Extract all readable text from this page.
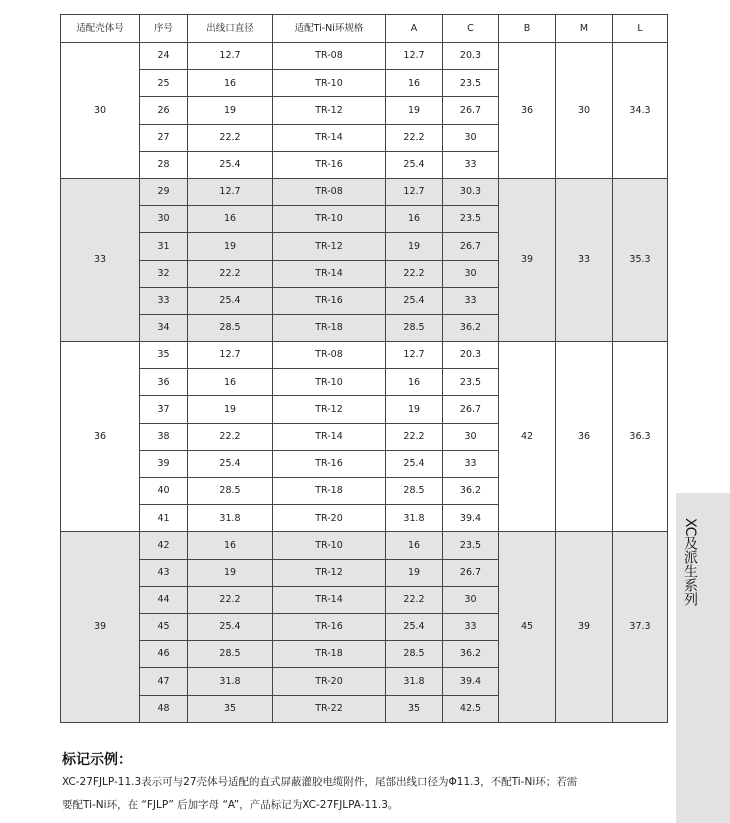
适配壳体号	序号	出线口直径	适配Ti-Ni环规格	A	C	B	M	L
30	24	12.7	TR-08	12.7	20.3	36	30	34.3
	25	16	TR-10	16	23.5			
	26	19	TR-12	19	26.7			
	27	22.2	TR-14	22.2	30			
	28	25.4	TR-16	25.4	33			
33	29	12.7	TR-08	12.7	30.3	39	33	35.3
	30	16	TR-10	16	23.5			
	31	19	TR-12	19	26.7			
	32	22.2	TR-14	22.2	30			
	33	25.4	TR-16	25.4	33			
	34	28.5	TR-18	28.5	36.2			
36	35	12.7	TR-08	12.7	20.3	42	36	36.3
	36	16	TR-10	16	23.5			
	37	19	TR-12	19	26.7			
	38	22.2	TR-14	22.2	30			
	39	25.4	TR-16	25.4	33			
	40	28.5	TR-18	28.5	36.2			
	41	31.8	TR-20	31.8	39.4			
39	42	16	TR-10	16	23.5	45	39	37.3
	43	19	TR-12	19	26.7			
	44	22.2	TR-14	22.2	30			
	45	25.4	TR-16	25.4	33			
	46	28.5	TR-18	28.5	36.2			
	47	31.8	TR-20	31.8	39.4			
	48	35	TR-22	35	42.5			
XC及派生系列
标记示例：
XC-27FJLP-11.3表示可与27壳体号适配的直式屏蔽灌胶电缆附件，尾部出线口径为Φ11.3，不配Ti-Ni环；若需
要配Ti-Ni环，在 “FJLP” 后加字母 “A”，产品标记为XC-27FJLPA-11.3。
